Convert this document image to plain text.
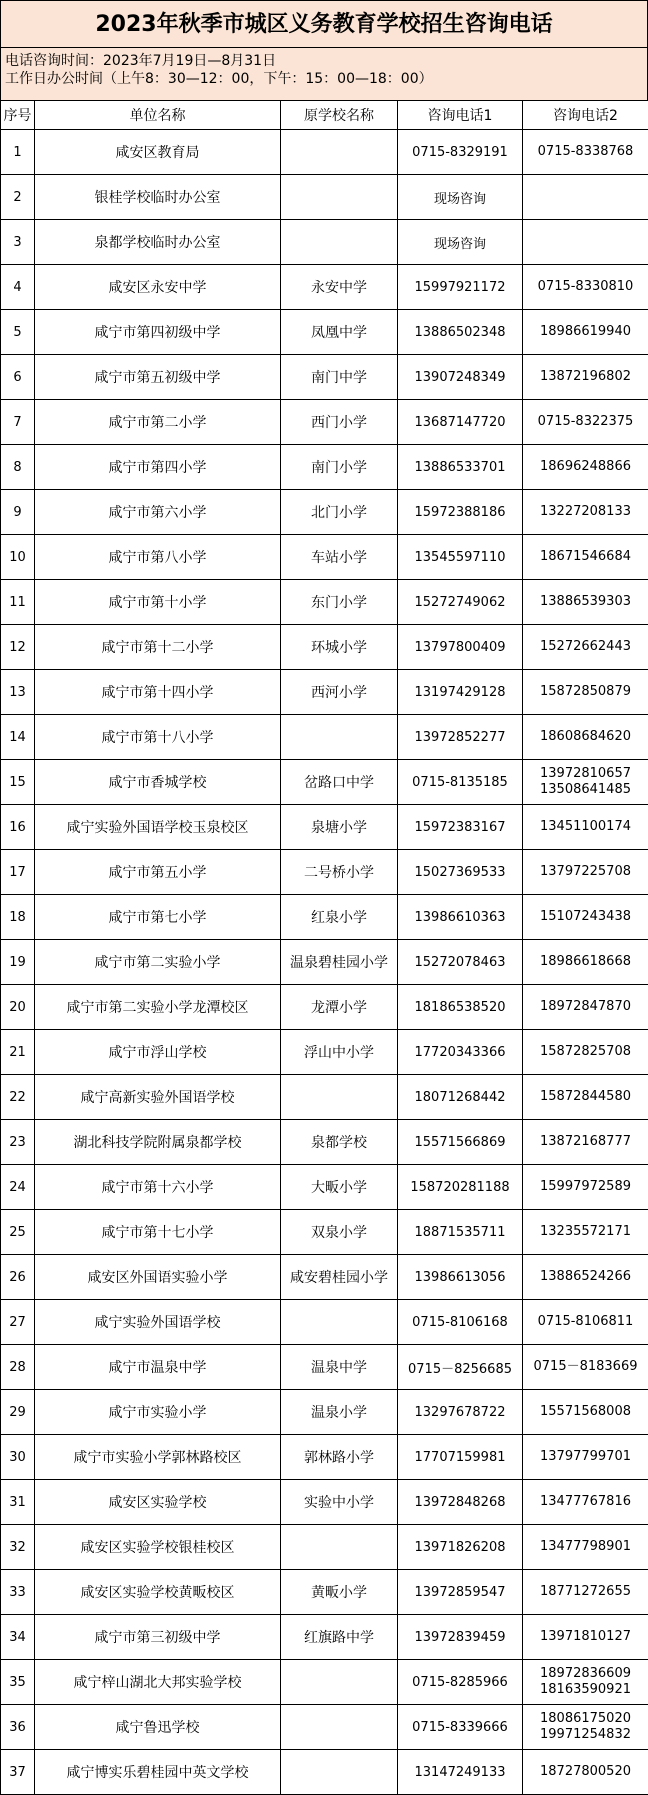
2023年秋季市城区义务教育学校招生咨询电话
电话咨询时间：2023年7月19日—8月31日
工作日办公时间（上午8：30—12：00，下午：15：00—18：00）
序号	单位名称	原学校名称	咨询电话1	咨询电话2
1	咸安区教育局		0715-8329191	0715-8338768

2	银桂学校临时办公室		现场咨询	
3	泉都学校临时办公室		现场咨询	
4	咸安区永安中学	永安中学	15997921172	0715-8330810

5	咸宁市第四初级中学	凤凰中学	13886502348	18986619940

6	咸宁市第五初级中学	南门中学	13907248349	13872196802

7	咸宁市第二小学	西门小学	13687147720	0715-8322375

8	咸宁市第四小学	南门小学	13886533701	18696248866

9	咸宁市第六小学	北门小学	15972388186	13227208133

10	咸宁市第八小学	车站小学	13545597110	18671546684

11	咸宁市第十小学	东门小学	15272749062	13886539303

12	咸宁市第十二小学	环城小学	13797800409	15272662443

13	咸宁市第十四小学	西河小学	13197429128	15872850879

14	咸宁市第十八小学		13972852277	18608684620

15	咸宁市香城学校	岔路口中学	0715-8135185	13972810657
13508641485

16	咸宁实验外国语学校玉泉校区	泉塘小学	15972383167	13451100174

17	咸宁市第五小学	二号桥小学	15027369533	13797225708

18	咸宁市第七小学	红泉小学	13986610363	15107243438

19	咸宁市第二实验小学	温泉碧桂园小学	15272078463	18986618668

20	咸宁市第二实验小学龙潭校区	龙潭小学	18186538520	18972847870

21	咸宁市浮山学校	浮山中小学	17720343366	15872825708

22	咸宁高新实验外国语学校		18071268442	15872844580

23	湖北科技学院附属泉都学校	泉都学校	15571566869	13872168777

24	咸宁市第十六小学	大畈小学	158720281188	15997972589

25	咸宁市第十七小学	双泉小学	18871535711	13235572171

26	咸安区外国语实验小学	咸安碧桂园小学	13986613056	13886524266

27	咸宁实验外国语学校		0715-8106168	0715-8106811

28	咸宁市温泉中学	温泉中学	0715－8256685	0715－8183669

29	咸宁市实验小学	温泉小学	13297678722	15571568008

30	咸宁市实验小学郭林路校区	郭林路小学	17707159981	13797799701

31	咸安区实验学校	实验中小学	13972848268	13477767816

32	咸安区实验学校银桂校区		13971826208	13477798901

33	咸安区实验学校黄畈校区	黄畈小学	13972859547	18771272655

34	咸宁市第三初级中学	红旗路中学	13972839459	13971810127

35	咸宁梓山湖北大邦实验学校		0715-8285966	18972836609
18163590921

36	咸宁鲁迅学校		0715-8339666	18086175020
19971254832

37	咸宁博实乐碧桂园中英文学校		13147249133	18727800520
